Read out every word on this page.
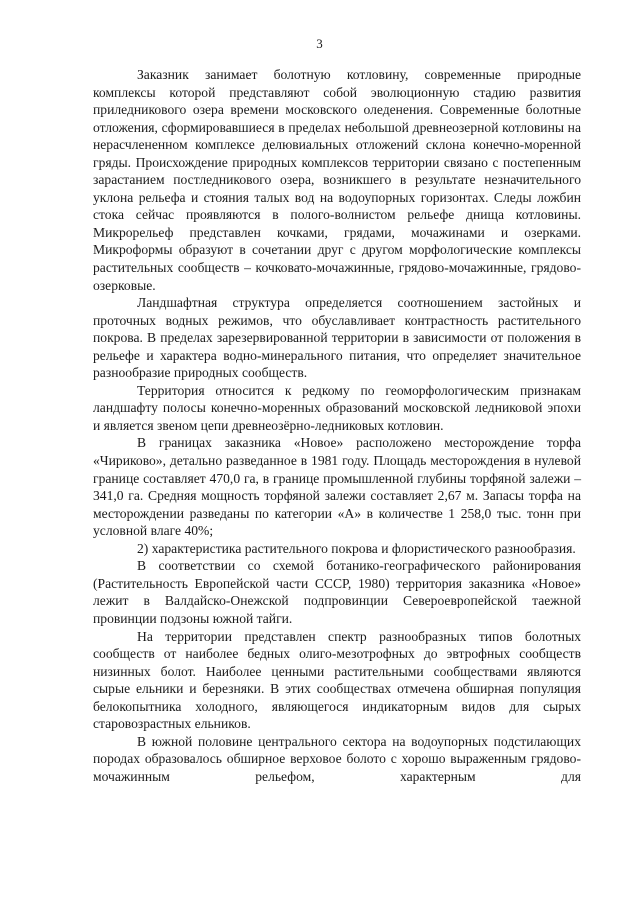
3

Заказник занимает болотную котловину, современные природные комплексы которой представляют собой эволюционную стадию развития приледникового озера времени московского оледенения. Современные болотные отложения, сформировавшиеся в пределах небольшой древнеозерной котловины на нерасчлененном комплексе делювиальных отложений склона конечно-моренной гряды. Происхождение природных комплексов территории связано с постепенным зарастанием постледникового озера, возникшего в результате незначительного уклона рельефа и стояния талых вод на водоупорных горизонтах. Следы ложбин стока сейчас проявляются в полого-волнистом рельефе днища котловины. Микрорельеф представлен кочками, грядами, мочажинами и озерками. Микроформы образуют в сочетании друг с другом морфологические комплексы растительных сообществ – кочковато-мочажинные, грядово-мочажинные, грядово-озерковые.

Ландшафтная структура определяется соотношением застойных и проточных водных режимов, что обуславливает контрастность растительного покрова. В пределах зарезервированной территории в зависимости от положения в рельефе и характера водно-минерального питания, что определяет значительное разнообразие природных сообществ.

Территория относится к редкому по геоморфологическим признакам ландшафту полосы конечно-моренных образований московской ледниковой эпохи и является звеном цепи древнеозёрно-ледниковых котловин.

В границах заказника «Новое» расположено месторождение торфа «Чириково», детально разведанное в 1981 году. Площадь месторождения в нулевой границе составляет 470,0 га, в границе промышленной глубины торфяной залежи – 341,0 га. Средняя мощность торфяной залежи составляет 2,67 м. Запасы торфа на месторождении разведаны по категории «А» в количестве 1 258,0 тыс. тонн при условной влаге 40%;

2) характеристика растительного покрова и флористического разнообразия.

В соответствии со схемой ботанико-географического районирования (Растительность Европейской части СССР, 1980) территория заказника «Новое» лежит в Валдайско-Онежской подпровинции Североевропейской таежной провинции подзоны южной тайги.

На территории представлен спектр разнообразных типов болотных сообществ от наиболее бедных олиго-мезотрофных до эвтрофных сообществ низинных болот. Наиболее ценными растительными сообществами являются сырые ельники и березняки. В этих сообществах отмечена обширная популяция белокопытника холодного, являющегося индикаторным видов для сырых старовозрастных ельников.

В южной половине центрального сектора на водоупорных подстилающих породах образовалось обширное верховое болото с хорошо выраженным грядово-мочажинным рельефом, характерным для
